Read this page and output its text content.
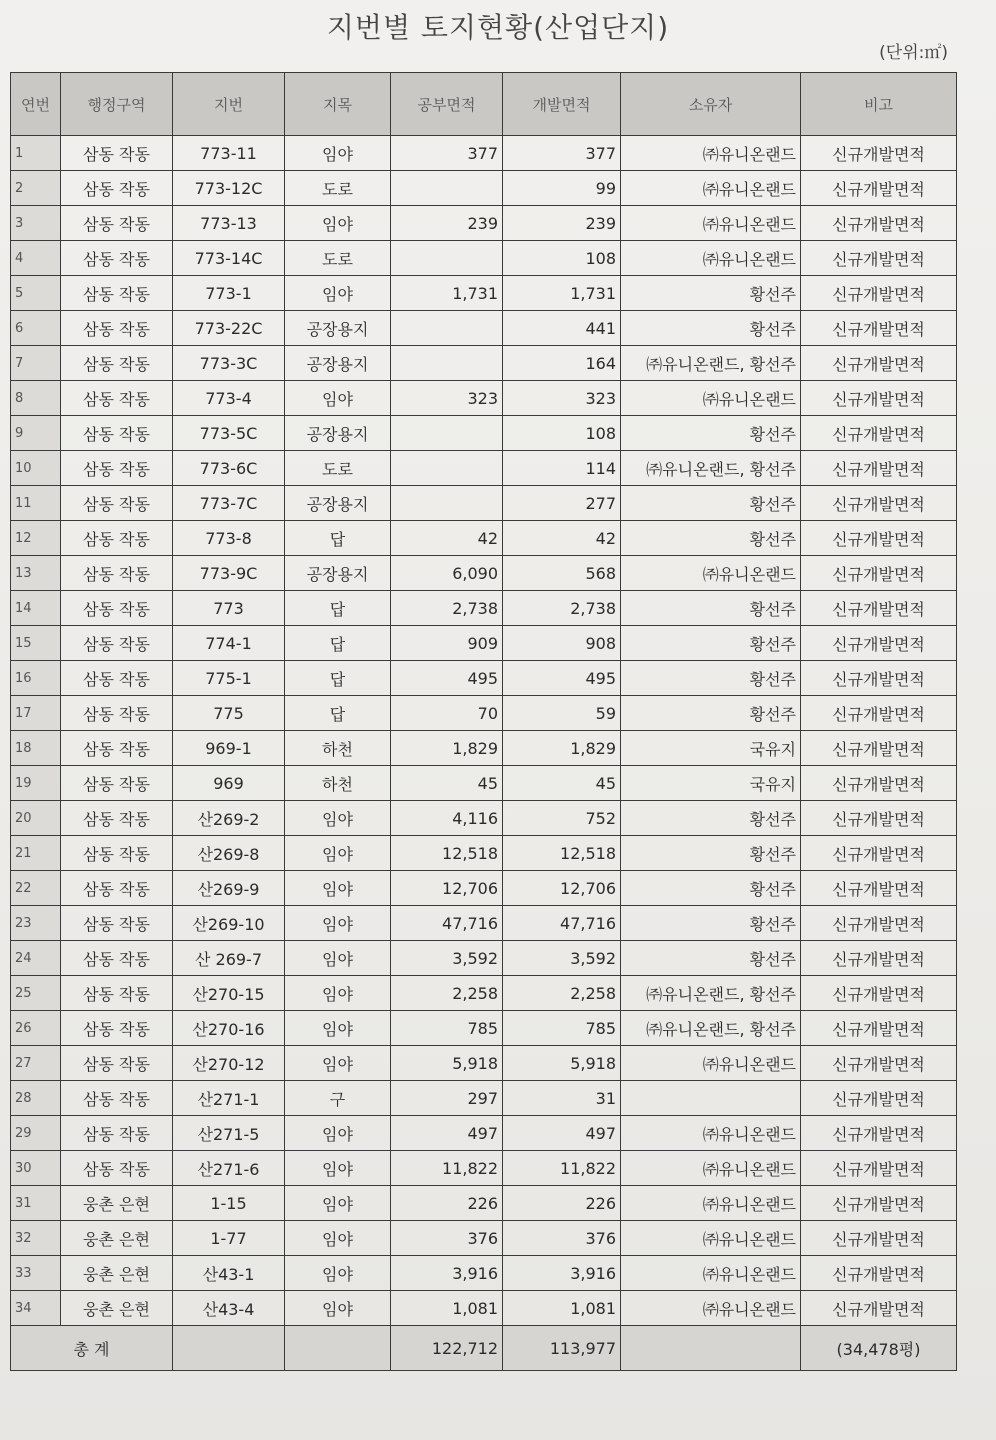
지번별 토지현황(산업단지)
(단위:㎡)
연번	행정구역	지번	지목	공부면적	개발면적	소유자	비고
1	삼동 작동	773-11	임야	377	377	㈜유니온랜드	신규개발면적
2	삼동 작동	773-12C	도로		99	㈜유니온랜드	신규개발면적
3	삼동 작동	773-13	임야	239	239	㈜유니온랜드	신규개발면적
4	삼동 작동	773-14C	도로		108	㈜유니온랜드	신규개발면적
5	삼동 작동	773-1	임야	1,731	1,731	황선주	신규개발면적
6	삼동 작동	773-22C	공장용지		441	황선주	신규개발면적
7	삼동 작동	773-3C	공장용지		164	㈜유니온랜드, 황선주	신규개발면적
8	삼동 작동	773-4	임야	323	323	㈜유니온랜드	신규개발면적
9	삼동 작동	773-5C	공장용지		108	황선주	신규개발면적
10	삼동 작동	773-6C	도로		114	㈜유니온랜드, 황선주	신규개발면적
11	삼동 작동	773-7C	공장용지		277	황선주	신규개발면적
12	삼동 작동	773-8	답	42	42	황선주	신규개발면적
13	삼동 작동	773-9C	공장용지	6,090	568	㈜유니온랜드	신규개발면적
14	삼동 작동	773	답	2,738	2,738	황선주	신규개발면적
15	삼동 작동	774-1	답	909	908	황선주	신규개발면적
16	삼동 작동	775-1	답	495	495	황선주	신규개발면적
17	삼동 작동	775	답	70	59	황선주	신규개발면적
18	삼동 작동	969-1	하천	1,829	1,829	국유지	신규개발면적
19	삼동 작동	969	하천	45	45	국유지	신규개발면적
20	삼동 작동	산269-2	임야	4,116	752	황선주	신규개발면적
21	삼동 작동	산269-8	임야	12,518	12,518	황선주	신규개발면적
22	삼동 작동	산269-9	임야	12,706	12,706	황선주	신규개발면적
23	삼동 작동	산269-10	임야	47,716	47,716	황선주	신규개발면적
24	삼동 작동	산 269-7	임야	3,592	3,592	황선주	신규개발면적
25	삼동 작동	산270-15	임야	2,258	2,258	㈜유니온랜드, 황선주	신규개발면적
26	삼동 작동	산270-16	임야	785	785	㈜유니온랜드, 황선주	신규개발면적
27	삼동 작동	산270-12	임야	5,918	5,918	㈜유니온랜드	신규개발면적
28	삼동 작동	산271-1	구	297	31		신규개발면적
29	삼동 작동	산271-5	임야	497	497	㈜유니온랜드	신규개발면적
30	삼동 작동	산271-6	임야	11,822	11,822	㈜유니온랜드	신규개발면적
31	웅촌 은현	1-15	임야	226	226	㈜유니온랜드	신규개발면적
32	웅촌 은현	1-77	임야	376	376	㈜유니온랜드	신규개발면적
33	웅촌 은현	산43-1	임야	3,916	3,916	㈜유니온랜드	신규개발면적
34	웅촌 은현	산43-4	임야	1,081	1,081	㈜유니온랜드	신규개발면적
총 계				122,712	113,977		(34,478평)
